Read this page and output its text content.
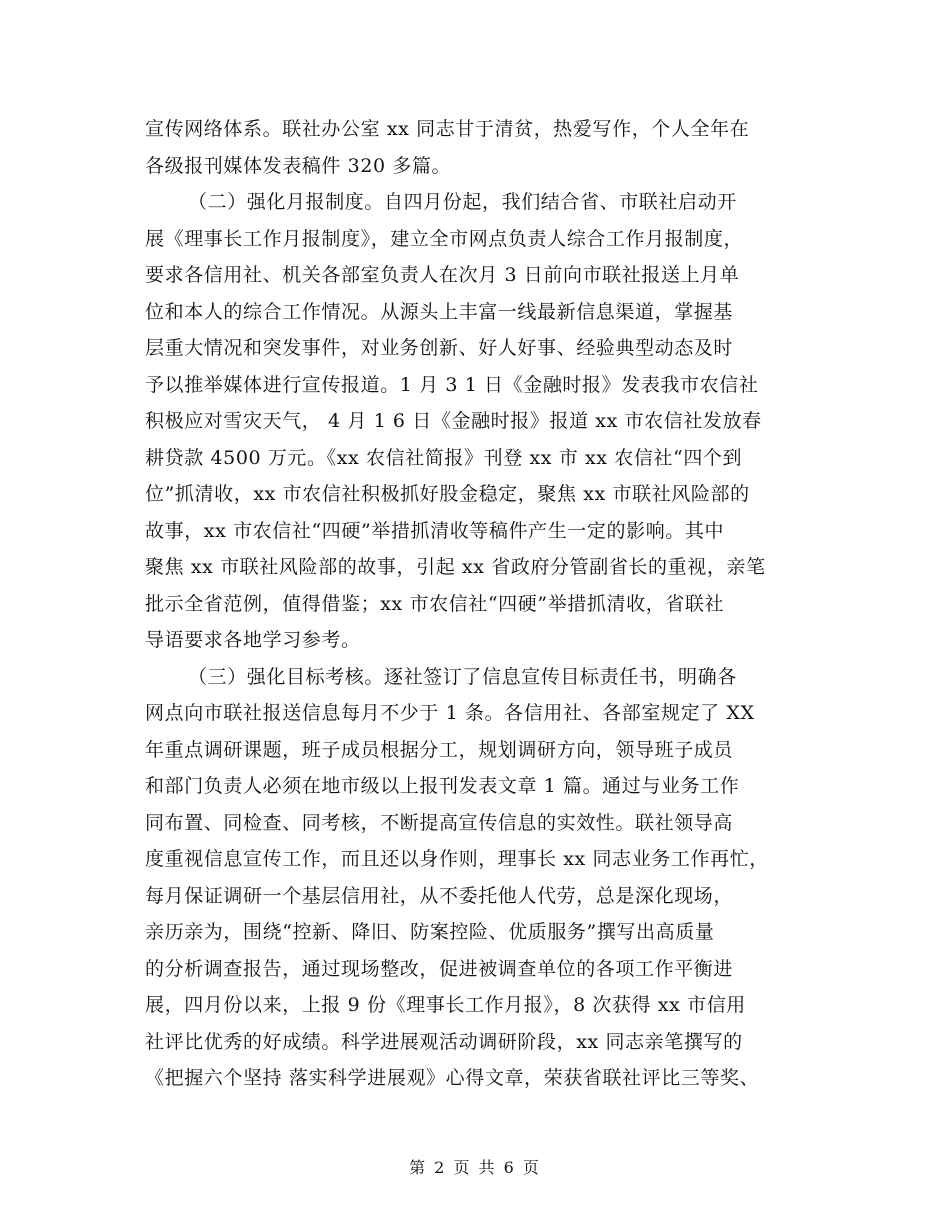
宣传网络体系。联社办公室 xx 同志甘于清贫，热爱写作，个人全年在
各级报刊媒体发表稿件 320 多篇。
（二）强化月报制度。自四月份起，我们结合省、市联社启动开
展《理事长工作月报制度》，建立全市网点负责人综合工作月报制度，
要求各信用社、机关各部室负责人在次月 3 日前向市联社报送上月单
位和本人的综合工作情况。从源头上丰富一线最新信息渠道，掌握基
层重大情况和突发事件，对业务创新、好人好事、经验典型动态及时
予以推举媒体进行宣传报道。1 月 3 1 日《金融时报》发表我市农信社
积极应对雪灾天气， 4 月 1 6 日《金融时报》报道 xx 市农信社发放春
耕贷款 4500 万元。《xx 农信社简报》刊登 xx 市 xx 农信社“四个到
位”抓清收，xx 市农信社积极抓好股金稳定，聚焦 xx 市联社风险部的
故事，xx 市农信社“四硬”举措抓清收等稿件产生一定的影响。其中
聚焦 xx 市联社风险部的故事，引起 xx 省政府分管副省长的重视，亲笔
批示全省范例，值得借鉴；xx 市农信社“四硬”举措抓清收，省联社
导语要求各地学习参考。
（三）强化目标考核。逐社签订了信息宣传目标责任书，明确各
网点向市联社报送信息每月不少于 1 条。各信用社、各部室规定了 XX
年重点调研课题，班子成员根据分工，规划调研方向，领导班子成员
和部门负责人必须在地市级以上报刊发表文章 1 篇。通过与业务工作
同布置、同检查、同考核，不断提高宣传信息的实效性。联社领导高
度重视信息宣传工作，而且还以身作则，理事长 xx 同志业务工作再忙，
每月保证调研一个基层信用社，从不委托他人代劳，总是深化现场，
亲历亲为，围绕“控新、降旧、防案控险、优质服务”撰写出高质量
的分析调查报告，通过现场整改，促进被调查单位的各项工作平衡进
展，四月份以来，上报 9 份《理事长工作月报》，8 次获得 xx 市信用
社评比优秀的好成绩。科学进展观活动调研阶段，xx 同志亲笔撰写的
《把握六个坚持 落实科学进展观》心得文章，荣获省联社评比三等奖、
第 2 页 共 6 页
